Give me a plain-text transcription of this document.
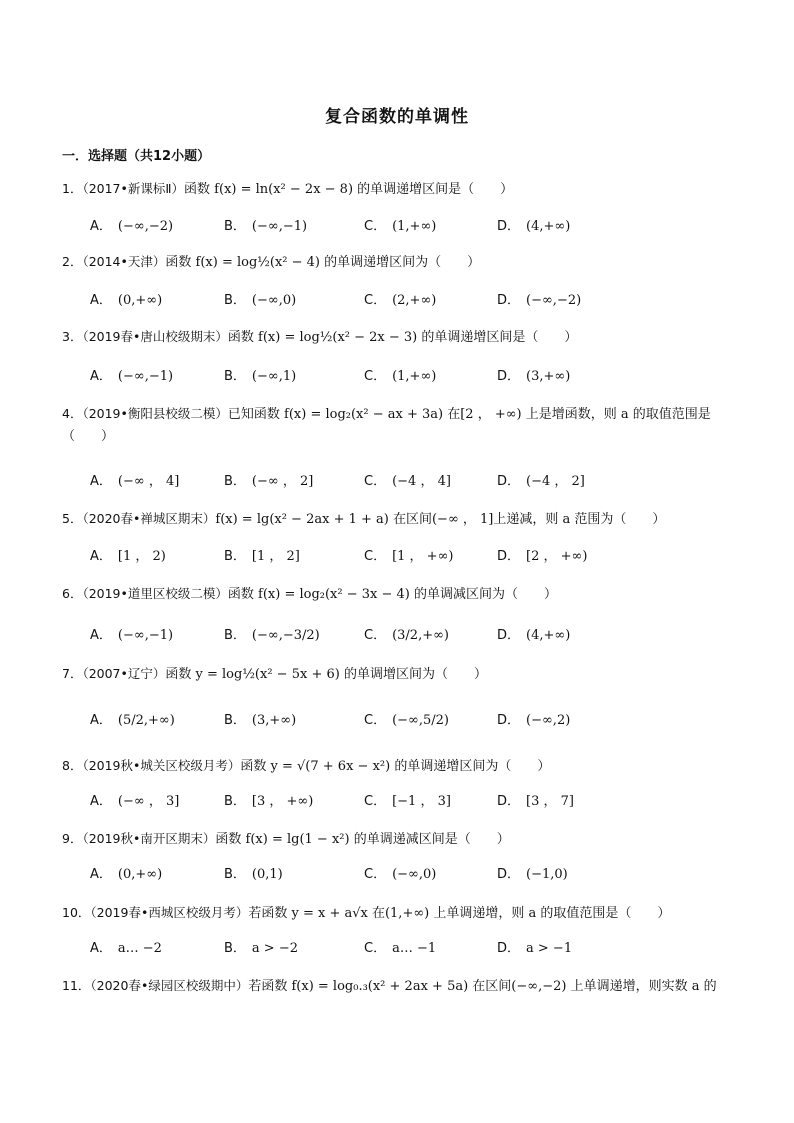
复合函数的单调性
一．选择题（共12小题）
1．（2017•新课标Ⅱ）函数 f(x) = ln(x² − 2x − 8) 的单调递增区间是（　　）
A． (−∞,−2)	B． (−∞,−1)	C． (1,+∞)	D． (4,+∞)
2．（2014•天津）函数 f(x) = log½(x² − 4) 的单调递增区间为（　　）
A． (0,+∞)	B． (−∞,0)	C． (2,+∞)	D． (−∞,−2)
3．（2019春•唐山校级期末）函数 f(x) = log½(x² − 2x − 3) 的单调递增区间是（　　）
A． (−∞,−1)	B． (−∞,1)	C． (1,+∞)	D． (3,+∞)
4．（2019•衡阳县校级二模）已知函数 f(x) = log₂(x² − ax + 3a) 在[2 ， +∞) 上是增函数，则 a 的取值范围是（　　）
A． (−∞ ， 4]	B． (−∞ ， 2]	C． (−4 ， 4]	D． (−4 ， 2]
5．（2020春•禅城区期末）f(x) = lg(x² − 2ax + 1 + a) 在区间(−∞ ， 1]上递减，则 a 范围为（　　）
A． [1 ， 2)	B． [1 ， 2]	C． [1 ， +∞)	D． [2 ， +∞)
6．（2019•道里区校级二模）函数 f(x) = log₂(x² − 3x − 4) 的单调减区间为（　　）
A． (−∞,−1)	B． (−∞,−3/2)	C． (3/2,+∞)	D． (4,+∞)
7．（2007•辽宁）函数 y = log½(x² − 5x + 6) 的单调增区间为（　　）
A． (5/2,+∞)	B． (3,+∞)	C． (−∞,5/2)	D． (−∞,2)
8．（2019秋•城关区校级月考）函数 y = √(7 + 6x − x²) 的单调递增区间为（　　）
A． (−∞ ， 3]	B． [3 ， +∞)	C． [−1 ， 3]	D． [3 ， 7]
9．（2019秋•南开区期末）函数 f(x) = lg(1 − x²) 的单调递减区间是（　　）
A． (0,+∞)	B． (0,1)	C． (−∞,0)	D． (−1,0)
10．（2019春•西城区校级月考）若函数 y = x + a√x 在(1,+∞) 上单调递增，则 a 的取值范围是（　　）
A． a… −2	B． a > −2	C． a… −1	D． a > −1
11．（2020春•绿园区校级期中）若函数 f(x) = log₀.₃(x² + 2ax + 5a) 在区间(−∞,−2) 上单调递增，则实数 a 的
